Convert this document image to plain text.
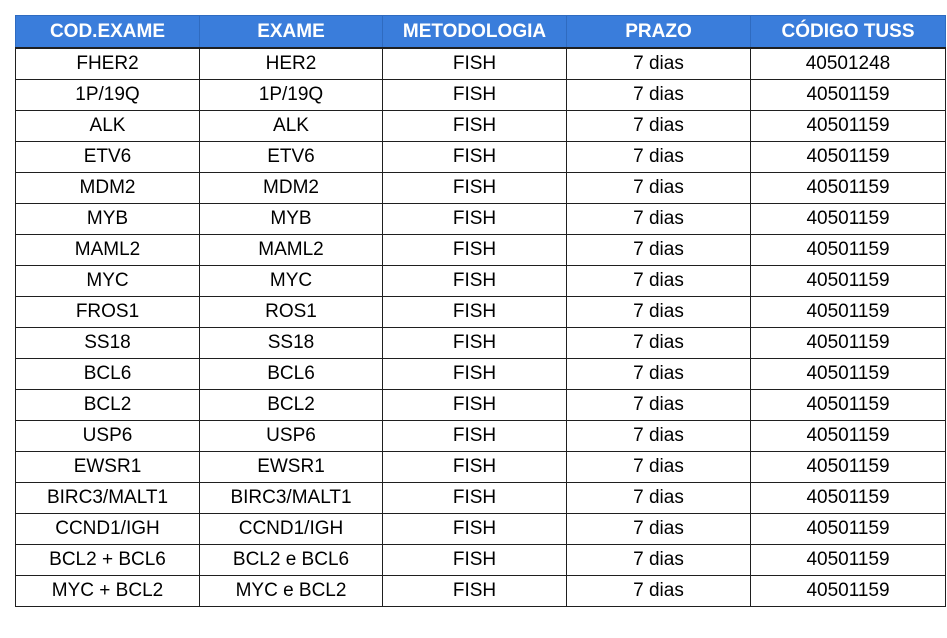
COD.EXAME	EXAME	METODOLOGIA	PRAZO	CÓDIGO TUSS
FHER2	HER2	FISH	7 dias	40501248
1P/19Q	1P/19Q	FISH	7 dias	40501159
ALK	ALK	FISH	7 dias	40501159
ETV6	ETV6	FISH	7 dias	40501159
MDM2	MDM2	FISH	7 dias	40501159
MYB	MYB	FISH	7 dias	40501159
MAML2	MAML2	FISH	7 dias	40501159
MYC	MYC	FISH	7 dias	40501159
FROS1	ROS1	FISH	7 dias	40501159
SS18	SS18	FISH	7 dias	40501159
BCL6	BCL6	FISH	7 dias	40501159
BCL2	BCL2	FISH	7 dias	40501159
USP6	USP6	FISH	7 dias	40501159
EWSR1	EWSR1	FISH	7 dias	40501159
BIRC3/MALT1	BIRC3/MALT1	FISH	7 dias	40501159
CCND1/IGH	CCND1/IGH	FISH	7 dias	40501159
BCL2 + BCL6	BCL2 e BCL6	FISH	7 dias	40501159
MYC + BCL2	MYC e BCL2	FISH	7 dias	40501159
